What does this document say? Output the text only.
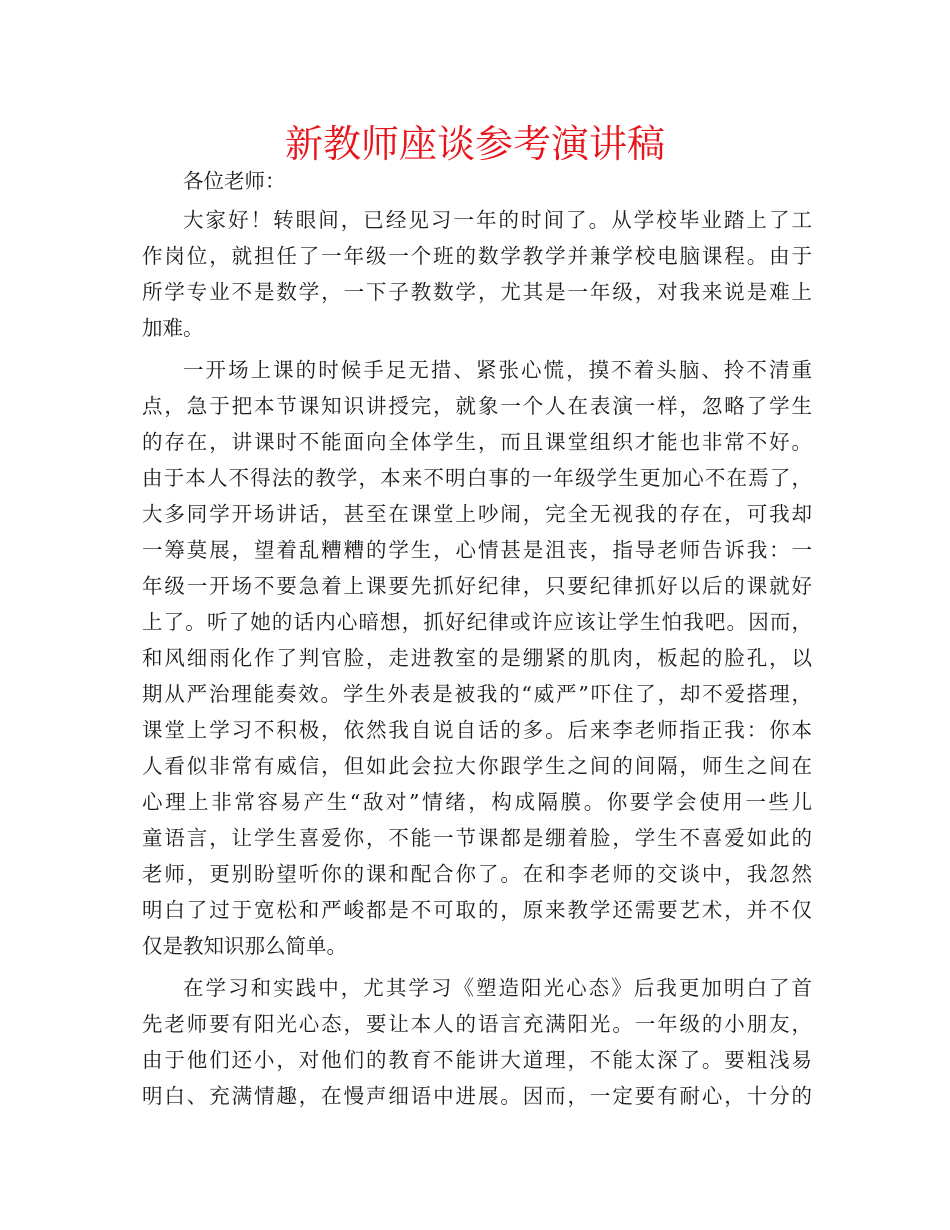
新教师座谈参考演讲稿
各位老师：
大家好！转眼间，已经见习一年的时间了。从学校毕业踏上了工
作岗位，就担任了一年级一个班的数学教学并兼学校电脑课程。由于
所学专业不是数学，一下子教数学，尤其是一年级，对我来说是难上
加难。
一开场上课的时候手足无措、紧张心慌，摸不着头脑、拎不清重
点，急于把本节课知识讲授完，就象一个人在表演一样，忽略了学生
的存在，讲课时不能面向全体学生，而且课堂组织才能也非常不好。
由于本人不得法的教学，本来不明白事的一年级学生更加心不在焉了，
大多同学开场讲话，甚至在课堂上吵闹，完全无视我的存在，可我却
一筹莫展，望着乱糟糟的学生，心情甚是沮丧，指导老师告诉我：一
年级一开场不要急着上课要先抓好纪律，只要纪律抓好以后的课就好
上了。听了她的话内心暗想，抓好纪律或许应该让学生怕我吧。因而，
和风细雨化作了判官脸，走进教室的是绷紧的肌肉，板起的脸孔，以
期从严治理能奏效。学生外表是被我的“威严”吓住了，却不爱搭理，
课堂上学习不积极，依然我自说自话的多。后来李老师指正我：你本
人看似非常有威信，但如此会拉大你跟学生之间的间隔，师生之间在
心理上非常容易产生“敌对”情绪，构成隔膜。你要学会使用一些儿
童语言，让学生喜爱你，不能一节课都是绷着脸，学生不喜爱如此的
老师，更别盼望听你的课和配合你了。在和李老师的交谈中，我忽然
明白了过于宽松和严峻都是不可取的，原来教学还需要艺术，并不仅
仅是教知识那么简单。
在学习和实践中，尤其学习《塑造阳光心态》后我更加明白了首
先老师要有阳光心态，要让本人的语言充满阳光。一年级的小朋友，
由于他们还小，对他们的教育不能讲大道理，不能太深了。要粗浅易
明白、充满情趣，在慢声细语中进展。因而，一定要有耐心，十分的
